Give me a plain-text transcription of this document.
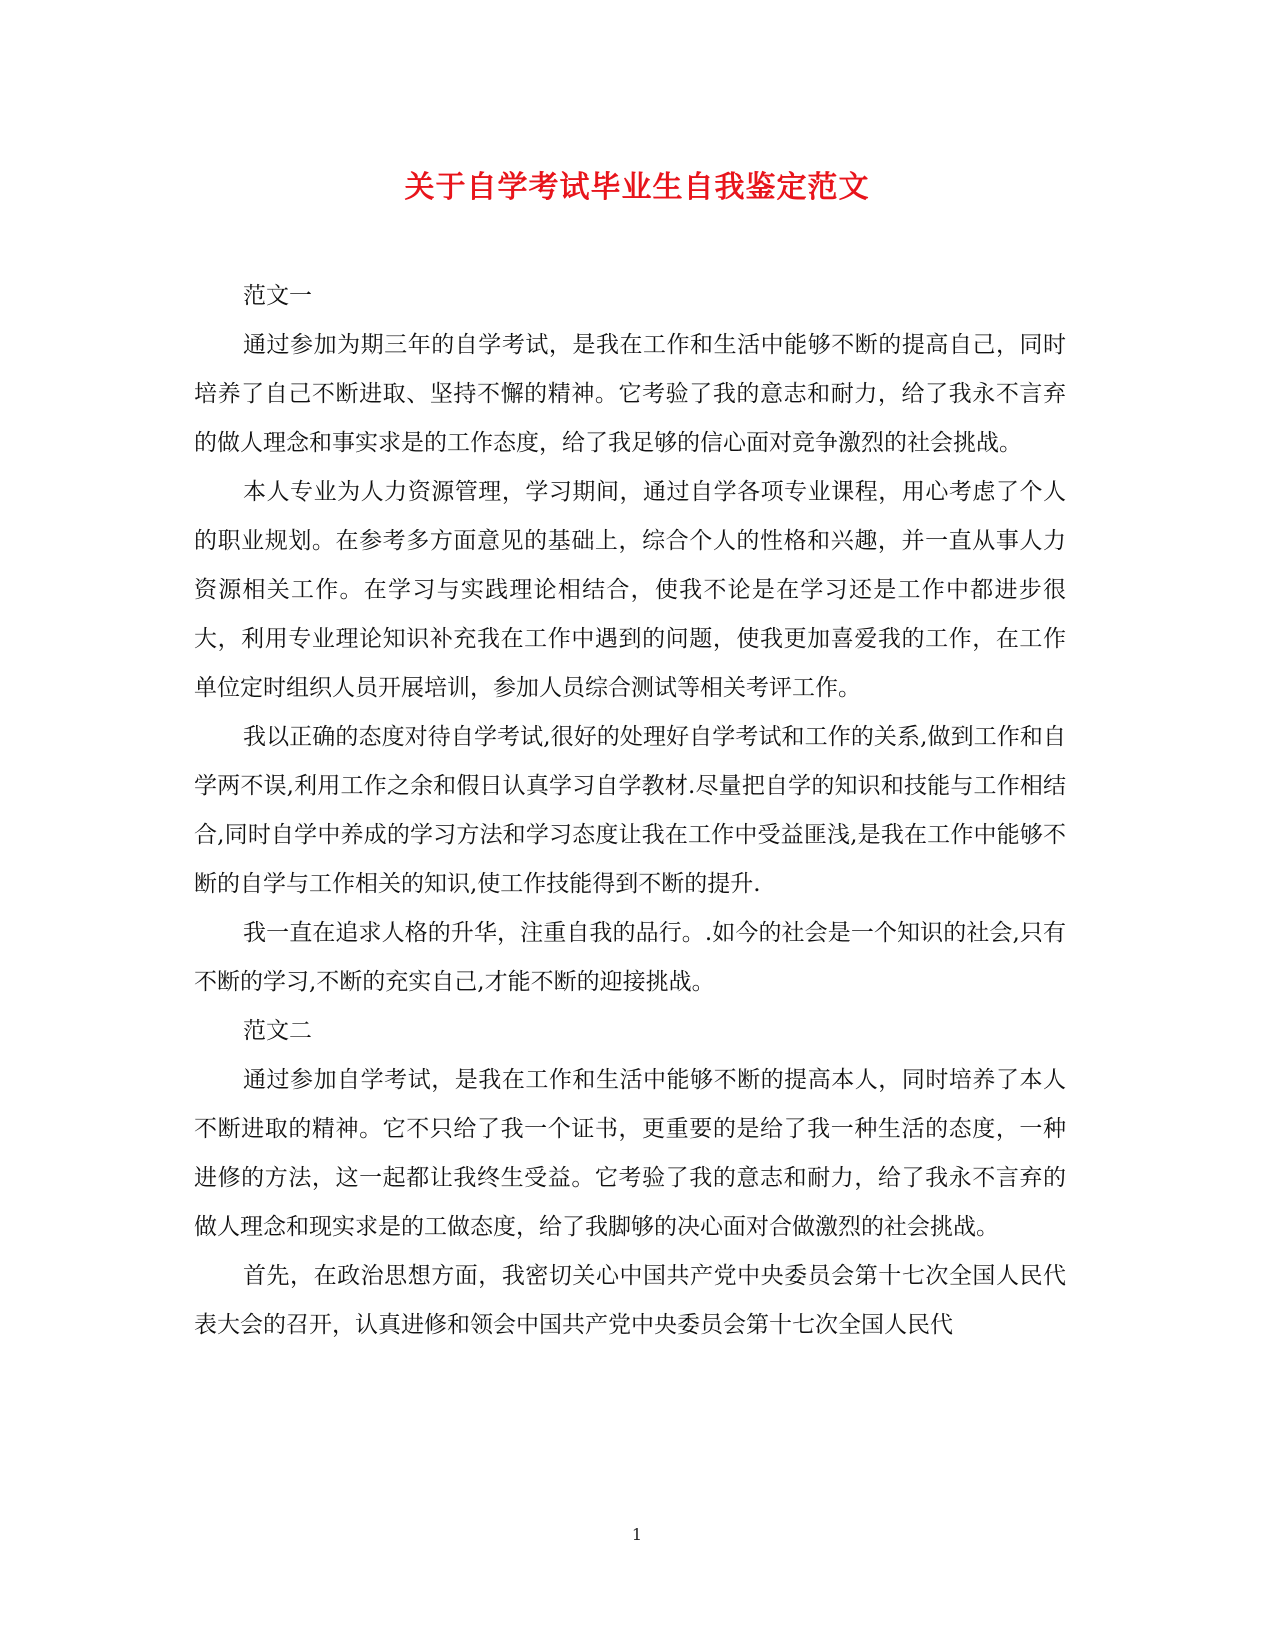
关于自学考试毕业生自我鉴定范文

范文一

通过参加为期三年的自学考试，是我在工作和生活中能够不断的提高自己，同时培养了自己不断进取、坚持不懈的精神。它考验了我的意志和耐力，给了我永不言弃的做人理念和事实求是的工作态度，给了我足够的信心面对竞争激烈的社会挑战。

本人专业为人力资源管理，学习期间，通过自学各项专业课程，用心考虑了个人的职业规划。在参考多方面意见的基础上，综合个人的性格和兴趣，并一直从事人力资源相关工作。在学习与实践理论相结合，使我不论是在学习还是工作中都进步很大，利用专业理论知识补充我在工作中遇到的问题，使我更加喜爱我的工作，在工作单位定时组织人员开展培训，参加人员综合测试等相关考评工作。

我以正确的态度对待自学考试,很好的处理好自学考试和工作的关系,做到工作和自学两不误,利用工作之余和假日认真学习自学教材.尽量把自学的知识和技能与工作相结合,同时自学中养成的学习方法和学习态度让我在工作中受益匪浅,是我在工作中能够不断的自学与工作相关的知识,使工作技能得到不断的提升.

我一直在追求人格的升华，注重自我的品行。.如今的社会是一个知识的社会,只有不断的学习,不断的充实自己,才能不断的迎接挑战。

范文二

通过参加自学考试，是我在工作和生活中能够不断的提高本人，同时培养了本人不断进取的精神。它不只给了我一个证书，更重要的是给了我一种生活的态度，一种进修的方法，这一起都让我终生受益。它考验了我的意志和耐力，给了我永不言弃的做人理念和现实求是的工做态度，给了我脚够的决心面对合做激烈的社会挑战。

首先，在政治思想方面，我密切关心中国共产党中央委员会第十七次全国人民代表大会的召开，认真进修和领会中国共产党中央委员会第十七次全国人民代

1
